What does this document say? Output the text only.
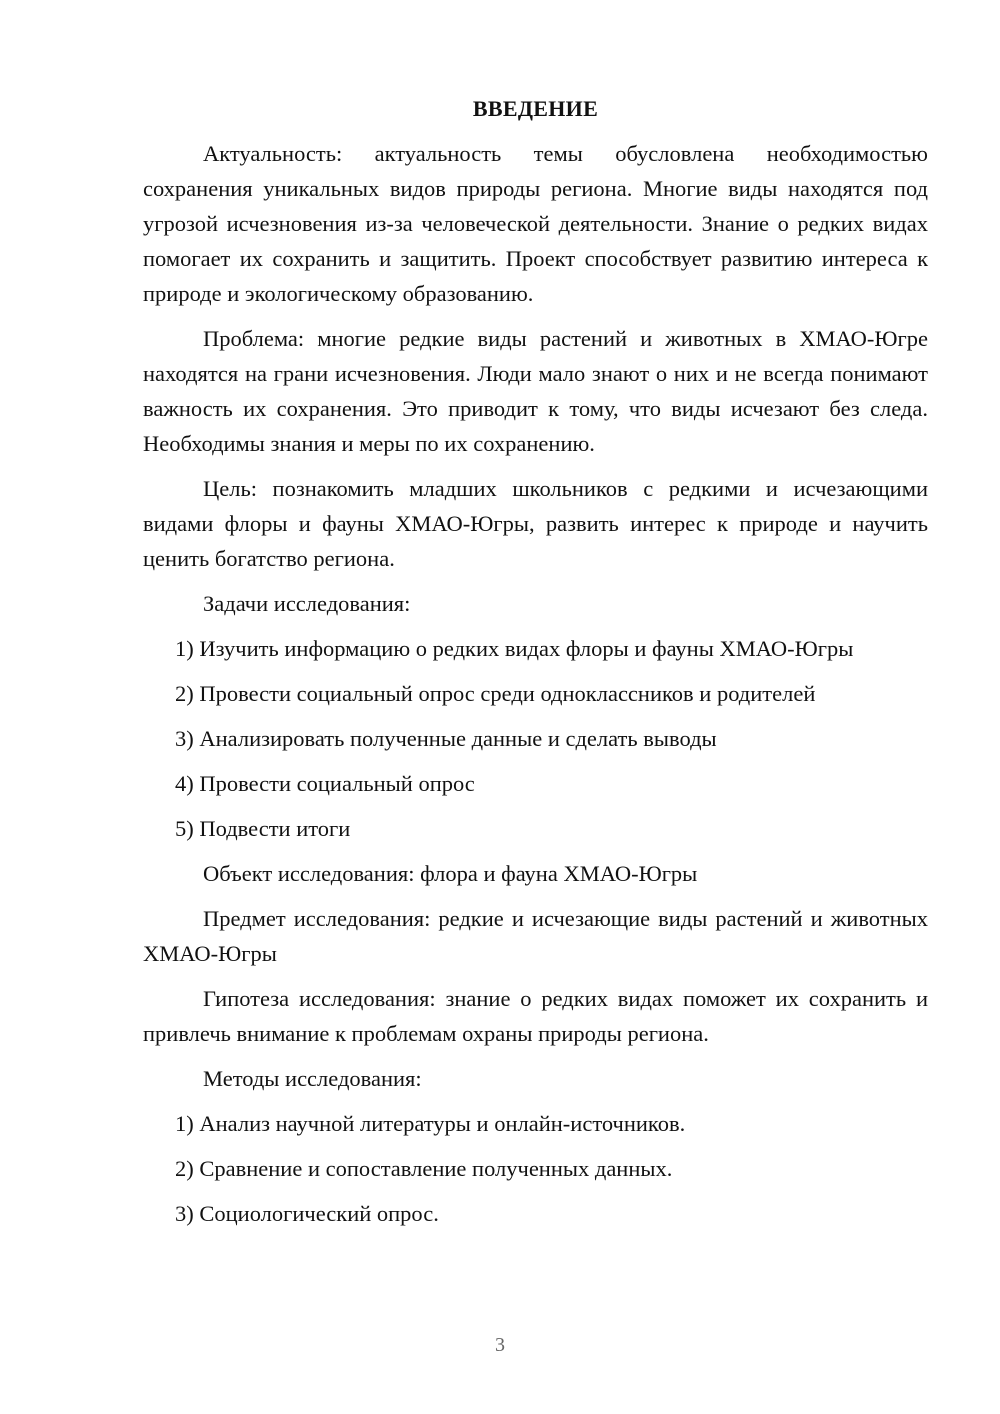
ВВЕДЕНИЕ

Актуальность: актуальность темы обусловлена необходимостью сохранения уникальных видов природы региона. Многие виды находятся под угрозой исчезновения из-за человеческой деятельности. Знание о редких видах помогает их сохранить и защитить. Проект способствует развитию интереса к природе и экологическому образованию.

Проблема: многие редкие виды растений и животных в ХМАО-Югре находятся на грани исчезновения. Люди мало знают о них и не всегда понимают важность их сохранения. Это приводит к тому, что виды исчезают без следа. Необходимы знания и меры по их сохранению.

Цель: познакомить младших школьников с редкими и исчезающими видами флоры и фауны ХМАО-Югры, развить интерес к природе и научить ценить богатство региона.

Задачи исследования:

1) Изучить информацию о редких видах флоры и фауны ХМАО-Югры

2) Провести социальный опрос среди одноклассников и родителей

3) Анализировать полученные данные и сделать выводы

4) Провести социальный опрос

5) Подвести итоги

Объект исследования: флора и фауна ХМАО-Югры

Предмет исследования: редкие и исчезающие виды растений и животных ХМАО-Югры

Гипотеза исследования: знание о редких видах поможет их сохранить и привлечь внимание к проблемам охраны природы региона.

Методы исследования:

1) Анализ научной литературы и онлайн-источников.

2) Сравнение и сопоставление полученных данных.

3) Социологический опрос.

3
